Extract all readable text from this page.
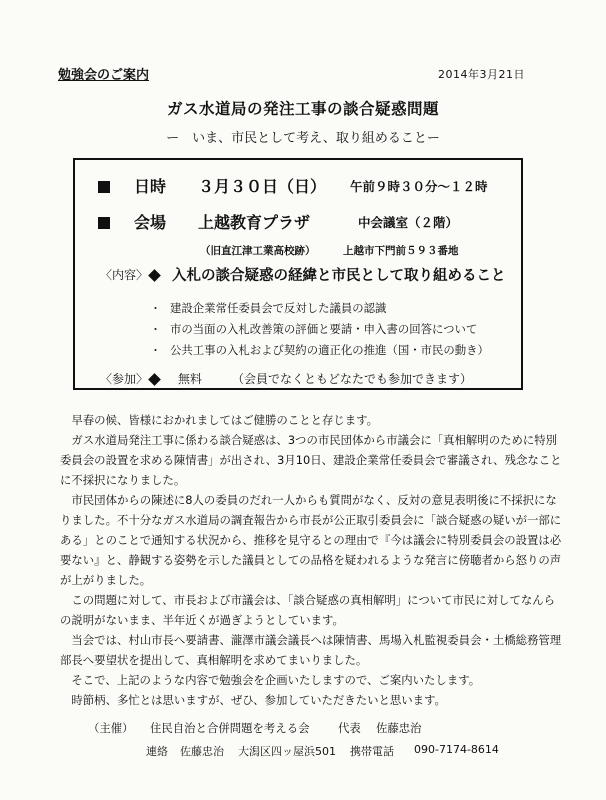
勉強会のご案内	2014年3月21日
ガス水道局の発注工事の談合疑惑問題
ー　いま、市民として考え、取り組めることー
日時 ３月３０日（日） 午前９時３０分～１２時
会場 上越教育プラザ	中会議室（２階）
（旧直江津工業高校跡）	上越市下門前５９３番地
〈内容〉 入札の談合疑惑の経緯と市民として取り組めること
・ 建設企業常任委員会で反対した議員の認識
・ 市の当面の入札改善策の評価と要請・申入書の回答について
・ 公共工事の入札および契約の適正化の推進（国・市民の動き）
〈参加〉 無料 （会員でなくともどなたでも参加できます）

早春の候、皆様におかれましてはご健勝のことと存じます。

ガス水道局発注工事に係わる談合疑惑は、3つの市民団体から市議会に「真相解明のために特別委員会の設置を求める陳情書」が出され、3月10日、建設企業常任委員会で審議され、残念なことに不採択になりました。

市民団体からの陳述に8人の委員のだれ一人からも質問がなく、反対の意見表明後に不採択になりました。不十分なガス水道局の調査報告から市長が公正取引委員会に「談合疑惑の疑いが一部にある」とのことで通知する状況から、推移を見守るとの理由で『今は議会に特別委員会の設置は必要ない』と、静観する姿勢を示した議員としての品格を疑われるような発言に傍聴者から怒りの声が上がりました。

この問題に対して、市長および市議会は、「談合疑惑の真相解明」について市民に対してなんらの説明がないまま、半年近くが過ぎようとしています。

当会では、村山市長へ要請書、瀧澤市議会議長へは陳情書、馬場入札監視委員会・土橋総務管理部長へ要望状を提出して、真相解明を求めてまいりました。

そこで、上記のような内容で勉強会を企画いたしますので、ご案内いたします。

時節柄、多忙とは思いますが、ぜひ、参加していただきたいと思います。

（主催） 住民自治と合併問題を考える会	代表 佐藤忠治
連絡 佐藤忠治 大潟区四ッ屋浜501 携帯電話 090-7174-8614
